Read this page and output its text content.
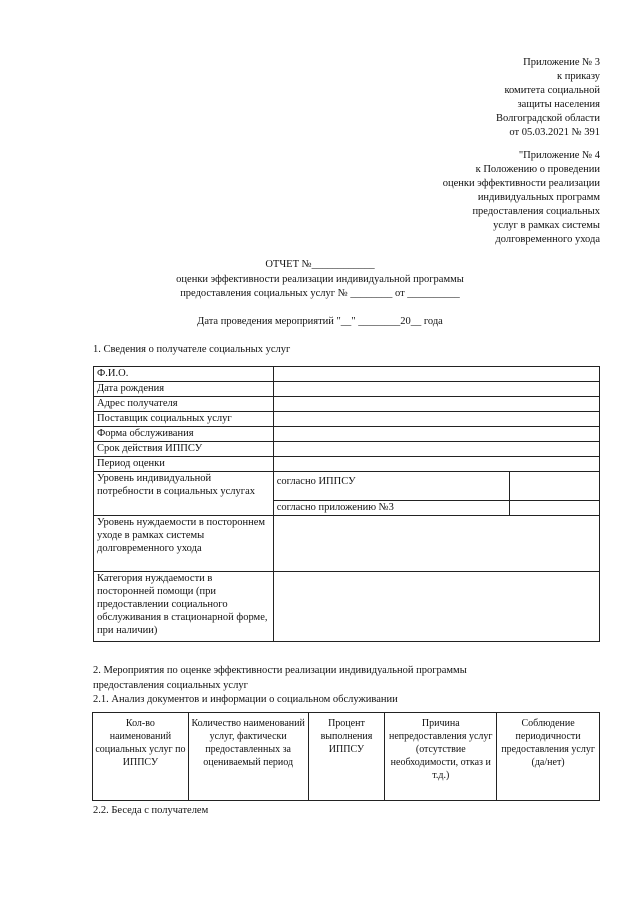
Приложение № 3
к приказу
комитета социальной
защиты населения
Волгоградской области
от 05.03.2021 № 391
"Приложение № 4
к Положению о проведении
оценки эффективности реализации
индивидуальных программ
предоставления социальных
услуг в рамках системы
долговременного ухода
ОТЧЕТ №____________
оценки эффективности реализации индивидуальной программы
предоставления социальных услуг № ________ от __________
Дата проведения мероприятий "__" ________20__ года
1. Сведения о получателе социальных услуг
Ф.И.О.		
Дата рождения		
Адрес получателя		
Поставщик социальных услуг		
Форма обслуживания		
Срок действия ИППСУ		
Период оценки		
Уровень индивидуальной потребности в социальных услугах	согласно ИППСУ	
	согласно приложению №3	
Уровень нуждаемости в постороннем уходе в рамках системы долговременного ухода		
Категория нуждаемости в посторонней помощи (при предоставлении социального обслуживания в стационарной форме, при наличии)		
2. Мероприятия по оценке эффективности реализации индивидуальной программы
предоставления социальных услуг
2.1. Анализ документов и информации о социальном обслуживании
Кол-во наименований социальных услуг по ИППСУ	Количество наименований услуг, фактически предоставленных за оцениваемый период	Процент выполнения ИППСУ	Причина непредоставления услуг (отсутствие необходимости, отказ и т.д.)	Соблюдение периодичности предоставления услуг (да/нет)
2.2. Беседа с получателем
